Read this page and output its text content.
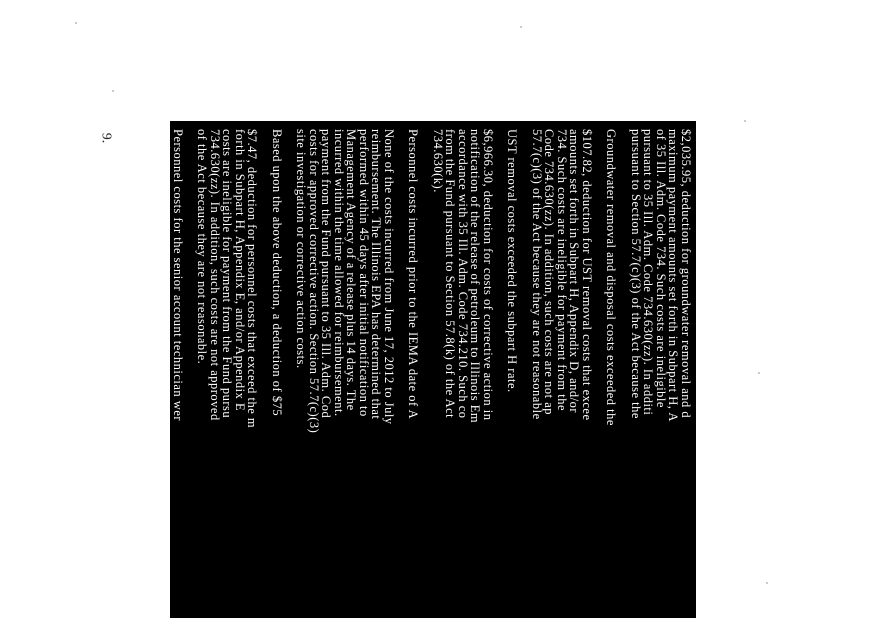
9.
4.
$2,035.95, deduction for groundwater removal and d
maximum payment amounts set forth in Subpart H, A
of 35 Ill. Adm. Code 734. Such costs are ineligible
pursuant to 35 Ill. Adm. Code 734.630(zz). In additi
pursuant to Section 57.7(c)(3) of the Act because the
Groundwater removal and disposal costs exceeded the
$107.82, deduction for UST removal costs that excee
amounts set forth in Subpart H, Appendix D, and/or
734. Such costs are ineligible for payment from the
Code 734.630(zz). In addition, such costs are not ap
57.7(c)(3) of the Act because they are not reasonable
UST removal costs exceeded the subpart H rate.
$6,966.30, deduction for costs of corrective action in
notification of the release of petroleum to Illinois Em
accordance with 35 Ill. Adm. Code 734.210. Such co
from the Fund pursuant to Section 57.8(k) of the Act
734.630(k).
Personnel costs incurred prior to the IEMA date of A
None of the costs incurred from June 17, 2012 to July
reimbursement. The Illinois EPA has determined that
performed within 45 days after initial notification to
Management Agency of a release plus 14 days. The
incurred within the time allowed for reimbursement.
payment from the Fund pursuant to 35 Ill. Adm. Cod
costs for approved corrective action. Section 57.7(c)(3)
site investigation or corrective action costs.
Based upon the above deduction, a deduction of $75
$7.47, deduction for personnel costs that exceed the m
forth in Subpart H, Appendix E, and/or Appendix E
costs are ineligible for payment from the Fund pursu
734.630(zz). In addition, such costs are not approved
of the Act because they are not reasonable.
Personnel costs for the senior account technician wer
of $63.02 per hour from $68.00 per hour.
$187.00, deduction for indirect corrective action cost
service, or equipment charged as direct costs. Such c
